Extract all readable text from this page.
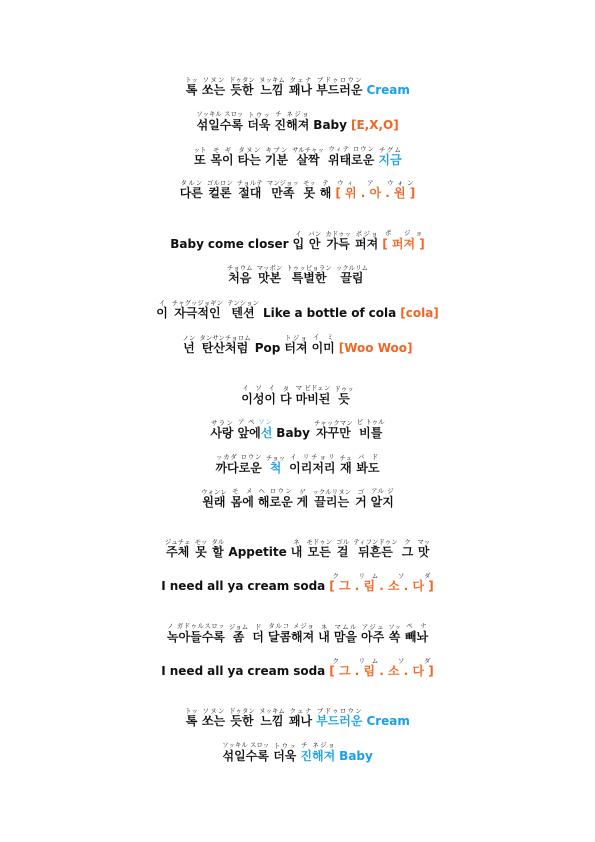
톡トッ쏘는ソヌン듯한ドゥタン느낌ヌッキム꽤나クェナ부드러운ブドゥロウンCream
섞일수록ソッキル スロッ더욱トウッ진해져チ ネジョBaby [E,X,O]
또ット목이モギ타는タヌン기분キブン살짝サルチャッ위태로운ウィテ ロウン지금チグム
다른タルン컬론ゴルロン절대チョルテ만족マンジョッ못モッ해テ[ 위 . 아 . 원 ]ウィ　ア　ウォン
Baby come closer 입イ안バン가득カドゥッ퍼져ポジョ[ 퍼져 ]ポ ジョ
처음チョウム맛본マッポン특별한トゥッピョラン끌림ックルリム
이イ자극적인チャグッジョギン텐션テンションLike a bottle of cola [cola]
넌ノン탄산처럼タンサンチョロムPop 터져トジョ이미イ ミ[Woo Woo]
이성이イ ソ イ다タ마비된マ ビドェン듯ドゥッ
사랑サラン앞에선ア ペ ソンBaby 자꾸만チャックマン비틀ビ トゥル
까다로운ッカダ ロウン척チョッ이리저리イ リチョリ재チェ봐도バ ド
원래ウォンレ몸에モ メ해로운ヘ ロウン게ゲ끌리는ックルリヌン거ゴ알지アル ジ
주체ジュチェ못モッ할タルAppetite 내ネ모든モドゥン걸ゴル뒤흔든ティフンドゥン그ク맛マッ
I need all ya cream soda [ 그 . 림 . 소 . 다 ]ク　リム　ソ　ダ
녹아들수록ノ ガドゥルスロッ좀ジョム더ド달콤해져タルコ メジョ내ネ맘을マムル아주アジュ쏙ソッ빼놔ペ ナ
I need all ya cream soda [ 그 . 림 . 소 . 다 ]ク　リム　ソ　ダ
톡トッ쏘는ソヌン듯한ドゥタン느낌ヌッキム꽤나クェナ부드러운ブドゥロウンCream
섞일수록ソッキル スロッ더욱トウッ진해져チ ネジョBaby
